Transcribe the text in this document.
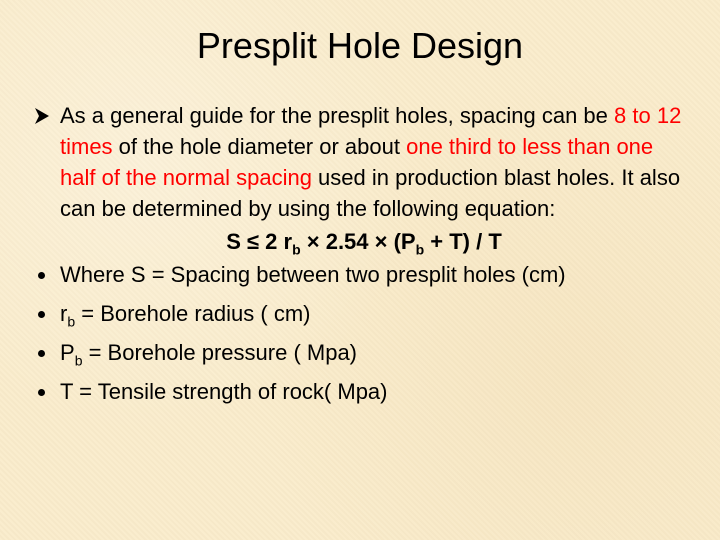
Presplit Hole Design
As a general guide for the presplit holes, spacing can be 8 to 12 times of the hole diameter or about one third to less than one half of the normal spacing used in production blast holes. It also can be determined by using the following equation:
S ≤ 2 $r_b \times 2.54 \times (P_b + T) / T$
Where S = Spacing between two presplit holes (cm)
$r_b$ = Borehole radius ( cm)
$P_b$ = Borehole pressure ( Mpa)
T = Tensile strength of rock( Mpa)
